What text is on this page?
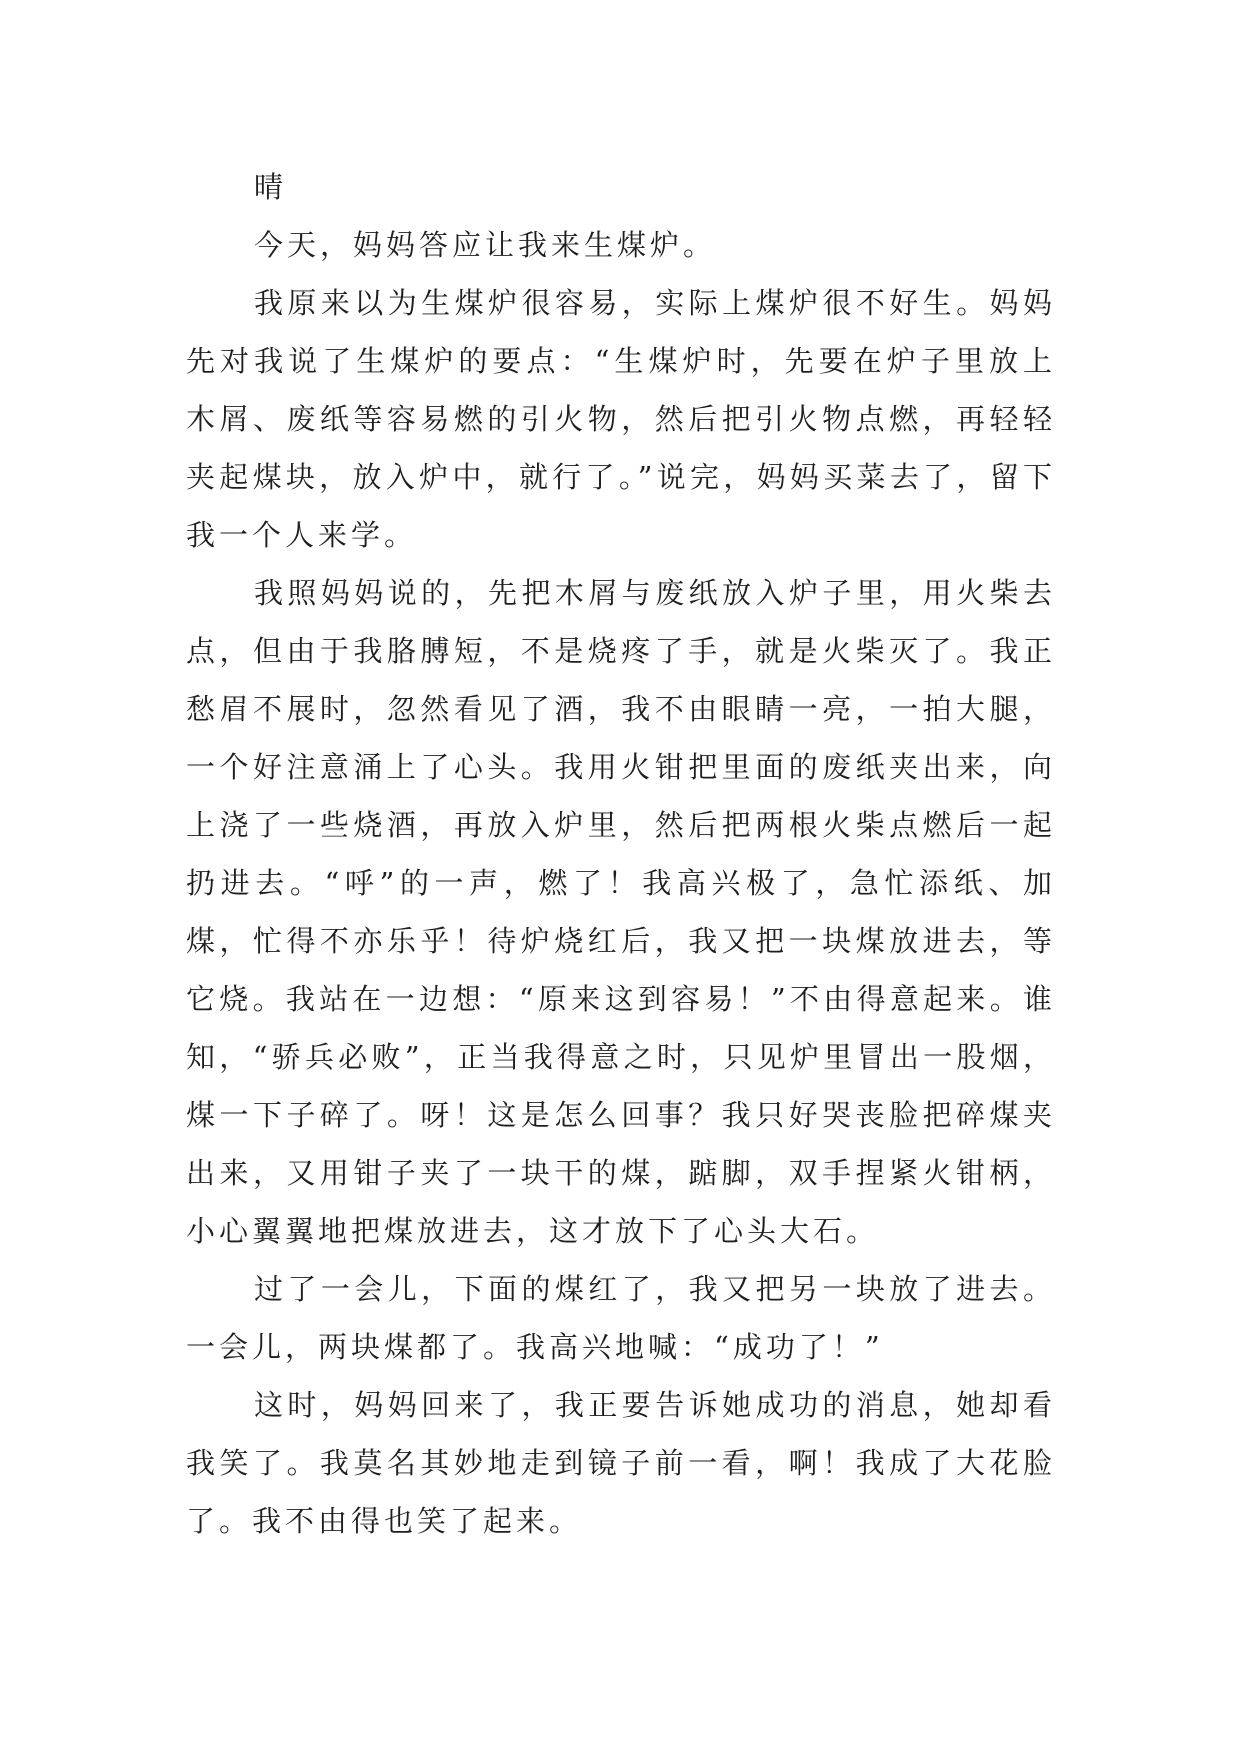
晴

今天，妈妈答应让我来生煤炉。

我原来以为生煤炉很容易，实际上煤炉很不好生。妈妈先对我说了生煤炉的要点：“生煤炉时，先要在炉子里放上木屑、废纸等容易燃的引火物，然后把引火物点燃，再轻轻夹起煤块，放入炉中，就行了。”说完，妈妈买菜去了，留下我一个人来学。

我照妈妈说的，先把木屑与废纸放入炉子里，用火柴去点，但由于我胳膊短，不是烧疼了手，就是火柴灭了。我正愁眉不展时，忽然看见了酒，我不由眼睛一亮，一拍大腿，一个好注意涌上了心头。我用火钳把里面的废纸夹出来，向上浇了一些烧酒，再放入炉里，然后把两根火柴点燃后一起扔进去。“呼”的一声，燃了！我高兴极了，急忙添纸、加煤，忙得不亦乐乎！待炉烧红后，我又把一块煤放进去，等它烧。我站在一边想：“原来这到容易！”不由得意起来。谁知，“骄兵必败”，正当我得意之时，只见炉里冒出一股烟，煤一下子碎了。呀！这是怎么回事？我只好哭丧脸把碎煤夹出来，又用钳子夹了一块干的煤，踮脚，双手捏紧火钳柄，小心翼翼地把煤放进去，这才放下了心头大石。

过了一会儿，下面的煤红了，我又把另一块放了进去。一会儿，两块煤都了。我高兴地喊：“成功了！”

这时，妈妈回来了，我正要告诉她成功的消息，她却看我笑了。我莫名其妙地走到镜子前一看，啊！我成了大花脸了。我不由得也笑了起来。
